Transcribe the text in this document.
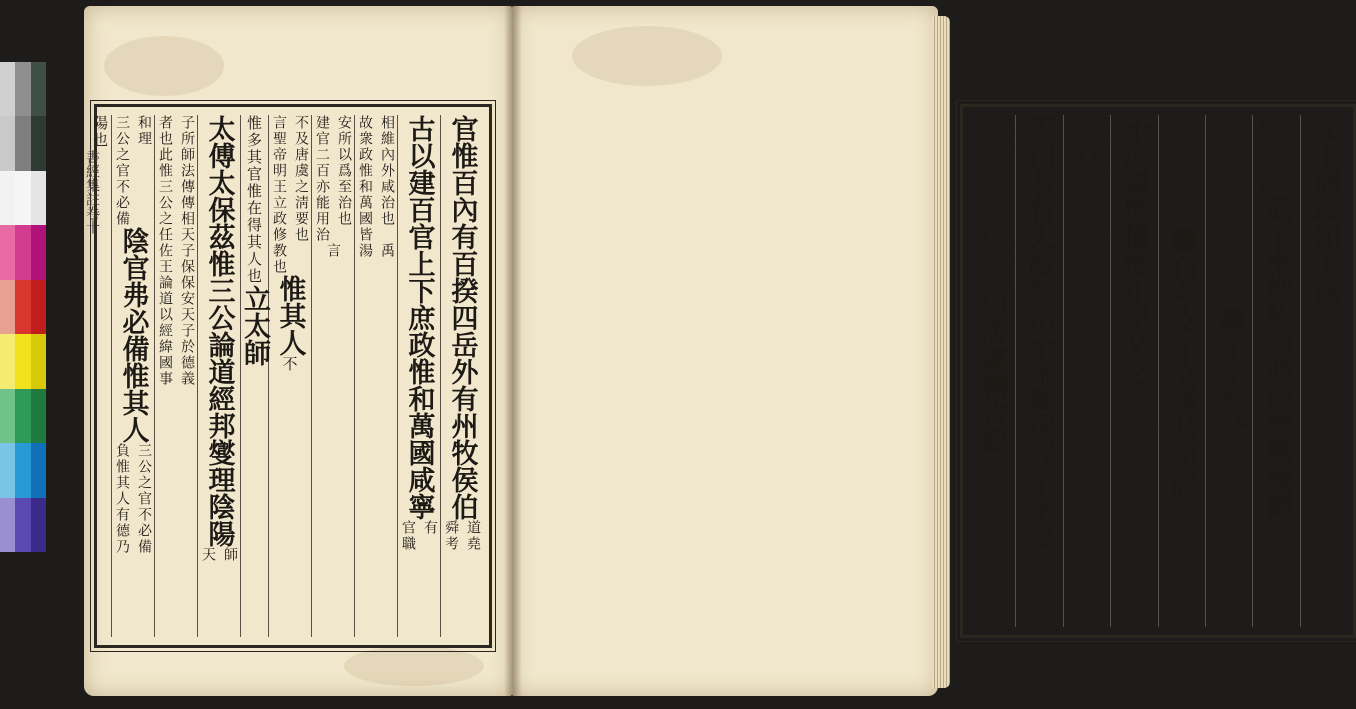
官惟百內有百揆四岳外有州牧侯伯
道堯
舜考
古以建百官上下
庶政惟和萬國咸寧
有
官職
相維內外咸治也
故衆政惟和萬國皆
禹
湯
安所以爲至治也
建官二百亦能用治
言
不及唐虞之淸要也
言聖帝明王立政修教也
惟其人
不
惟多其官惟在得其人也
立太師
太傅太保茲惟三公論道經邦燮理陰陽
師
天
子所師法傳傳相天子保保安天子於德義
者也此惟三公之任佐王論道以經緯國事
和理
三公之官不必備
陰
官弗必備惟其人
三公之官不必備
負惟其人有德乃
陽也	文王罔敢知于茲
是萬民順法用違法衆獄
衆慎之事文王一無敢自
知於此委任
賢能而已也
武王率惟敉功弗敢替厥義德
武王循惟文王撫安天下之功
不敢廢其義德奉遵父道也
孺子王矣
繼
子
今已爲王矣不可
不勤法祖考也
繼自今文子文孫其勿誤
于庶獄庶愼惟正是乂之
文子孫文之王之
子孫也從今以往
惟以正是之道治衆
獄衆愼其勿誤也
王曰若昔大猷制治于未亂保邦于未危
言
當
順古大道制治安國必於未
亂未危之前思患豫防之
曰唐虞稽古建
書經集註卷十
